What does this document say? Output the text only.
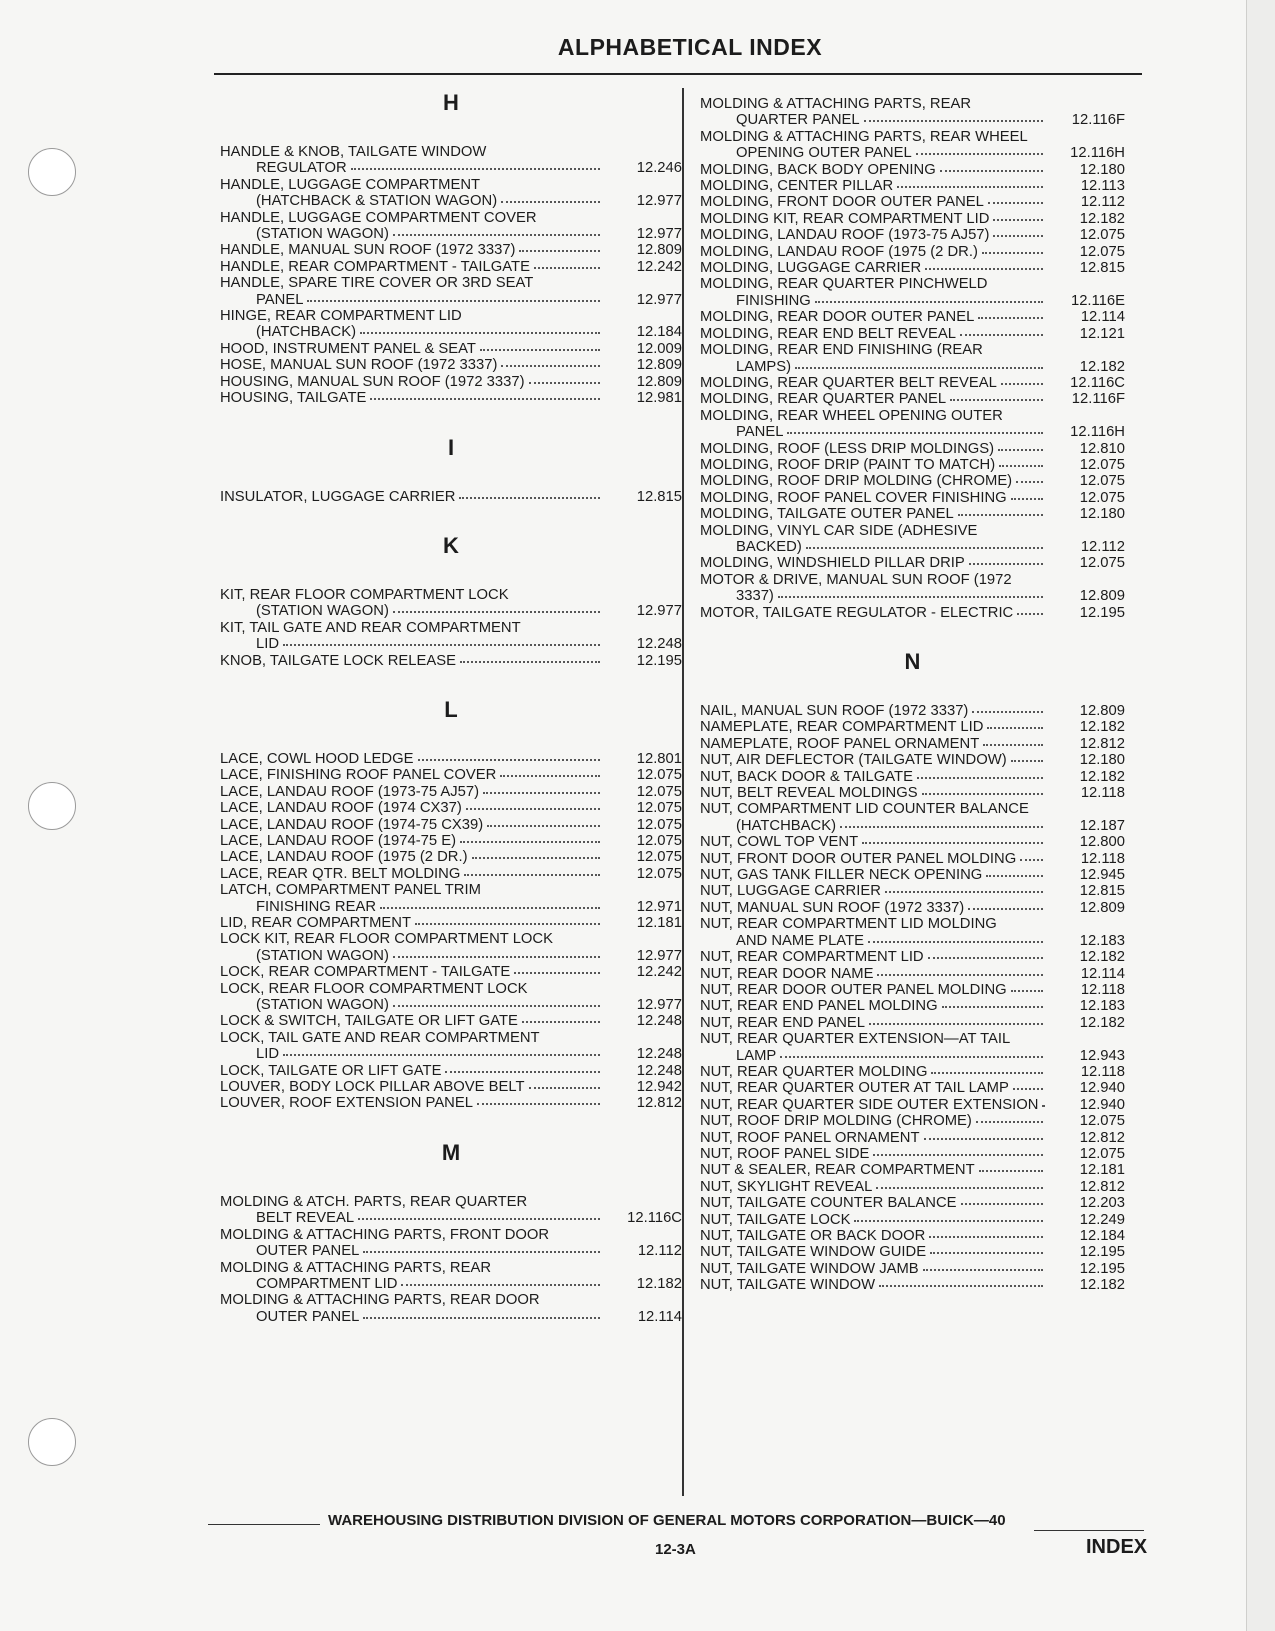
ALPHABETICAL INDEX
H
HANDLE & KNOB, TAILGATE WINDOW
REGULATOR	12.246
HANDLE, LUGGAGE COMPARTMENT
(HATCHBACK & STATION WAGON)	12.977
HANDLE, LUGGAGE COMPARTMENT COVER
(STATION WAGON)	12.977
HANDLE, MANUAL SUN ROOF (1972 3337)	12.809
HANDLE, REAR COMPARTMENT - TAILGATE	12.242
HANDLE, SPARE TIRE COVER OR 3RD SEAT
PANEL	12.977
HINGE, REAR COMPARTMENT LID
(HATCHBACK)	12.184
HOOD, INSTRUMENT PANEL & SEAT	12.009
HOSE, MANUAL SUN ROOF (1972 3337)	12.809
HOUSING, MANUAL SUN ROOF (1972 3337)	12.809
HOUSING, TAILGATE	12.981
I
INSULATOR, LUGGAGE CARRIER	12.815
K
KIT, REAR FLOOR COMPARTMENT LOCK
(STATION WAGON)	12.977
KIT, TAIL GATE AND REAR COMPARTMENT
LID	12.248
KNOB, TAILGATE LOCK RELEASE	12.195
L
LACE, COWL HOOD LEDGE	12.801
LACE, FINISHING ROOF PANEL COVER	12.075
LACE, LANDAU ROOF (1973-75 AJ57)	12.075
LACE, LANDAU ROOF (1974 CX37)	12.075
LACE, LANDAU ROOF (1974-75 CX39)	12.075
LACE, LANDAU ROOF (1974-75 E)	12.075
LACE, LANDAU ROOF (1975 (2 DR.)	12.075
LACE, REAR QTR. BELT MOLDING	12.075
LATCH, COMPARTMENT PANEL TRIM
FINISHING REAR	12.971
LID, REAR COMPARTMENT	12.181
LOCK KIT, REAR FLOOR COMPARTMENT LOCK
(STATION WAGON)	12.977
LOCK, REAR COMPARTMENT - TAILGATE	12.242
LOCK, REAR FLOOR COMPARTMENT LOCK
(STATION WAGON)	12.977
LOCK & SWITCH, TAILGATE OR LIFT GATE	12.248
LOCK, TAIL GATE AND REAR COMPARTMENT
LID	12.248
LOCK, TAILGATE OR LIFT GATE	12.248
LOUVER, BODY LOCK PILLAR ABOVE BELT	12.942
LOUVER, ROOF EXTENSION PANEL	12.812
M
MOLDING & ATCH. PARTS, REAR QUARTER
BELT REVEAL	12.116C
MOLDING & ATTACHING PARTS, FRONT DOOR
OUTER PANEL	12.112
MOLDING & ATTACHING PARTS, REAR
COMPARTMENT LID	12.182
MOLDING & ATTACHING PARTS, REAR DOOR
OUTER PANEL	12.114
MOLDING & ATTACHING PARTS, REAR
QUARTER PANEL	12.116F
MOLDING & ATTACHING PARTS, REAR WHEEL
OPENING OUTER PANEL	12.116H
MOLDING, BACK BODY OPENING	12.180
MOLDING, CENTER PILLAR	12.113
MOLDING, FRONT DOOR OUTER PANEL	12.112
MOLDING KIT, REAR COMPARTMENT LID	12.182
MOLDING, LANDAU ROOF (1973-75 AJ57)	12.075
MOLDING, LANDAU ROOF (1975 (2 DR.)	12.075
MOLDING, LUGGAGE CARRIER	12.815
MOLDING, REAR QUARTER PINCHWELD
FINISHING	12.116E
MOLDING, REAR DOOR OUTER PANEL	12.114
MOLDING, REAR END BELT REVEAL	12.121
MOLDING, REAR END FINISHING (REAR
LAMPS)	12.182
MOLDING, REAR QUARTER BELT REVEAL	12.116C
MOLDING, REAR QUARTER PANEL	12.116F
MOLDING, REAR WHEEL OPENING OUTER
PANEL	12.116H
MOLDING, ROOF (LESS DRIP MOLDINGS)	12.810
MOLDING, ROOF DRIP (PAINT TO MATCH)	12.075
MOLDING, ROOF DRIP MOLDING (CHROME)	12.075
MOLDING, ROOF PANEL COVER FINISHING	12.075
MOLDING, TAILGATE OUTER PANEL	12.180
MOLDING, VINYL CAR SIDE (ADHESIVE
BACKED)	12.112
MOLDING, WINDSHIELD PILLAR DRIP	12.075
MOTOR & DRIVE, MANUAL SUN ROOF (1972
3337)	12.809
MOTOR, TAILGATE REGULATOR - ELECTRIC	12.195
N
NAIL, MANUAL SUN ROOF (1972 3337)	12.809
NAMEPLATE, REAR COMPARTMENT LID	12.182
NAMEPLATE, ROOF PANEL ORNAMENT	12.812
NUT, AIR DEFLECTOR (TAILGATE WINDOW)	12.180
NUT, BACK DOOR & TAILGATE	12.182
NUT, BELT REVEAL MOLDINGS	12.118
NUT, COMPARTMENT LID COUNTER BALANCE
(HATCHBACK)	12.187
NUT, COWL TOP VENT	12.800
NUT, FRONT DOOR OUTER PANEL MOLDING	12.118
NUT, GAS TANK FILLER NECK OPENING	12.945
NUT, LUGGAGE CARRIER	12.815
NUT, MANUAL SUN ROOF (1972 3337)	12.809
NUT, REAR COMPARTMENT LID MOLDING
AND NAME PLATE	12.183
NUT, REAR COMPARTMENT LID	12.182
NUT, REAR DOOR NAME	12.114
NUT, REAR DOOR OUTER PANEL MOLDING	12.118
NUT, REAR END PANEL MOLDING	12.183
NUT, REAR END PANEL	12.182
NUT, REAR QUARTER EXTENSION—AT TAIL
LAMP	12.943
NUT, REAR QUARTER MOLDING	12.118
NUT, REAR QUARTER OUTER AT TAIL LAMP	12.940
NUT, REAR QUARTER SIDE OUTER EXTENSION	12.940
NUT, ROOF DRIP MOLDING (CHROME)	12.075
NUT, ROOF PANEL ORNAMENT	12.812
NUT, ROOF PANEL SIDE	12.075
NUT & SEALER, REAR COMPARTMENT	12.181
NUT, SKYLIGHT REVEAL	12.812
NUT, TAILGATE COUNTER BALANCE	12.203
NUT, TAILGATE LOCK	12.249
NUT, TAILGATE OR BACK DOOR	12.184
NUT, TAILGATE WINDOW GUIDE	12.195
NUT, TAILGATE WINDOW JAMB	12.195
NUT, TAILGATE WINDOW	12.182
WAREHOUSING DISTRIBUTION DIVISION OF GENERAL MOTORS CORPORATION—BUICK—40
12-3A	INDEX
